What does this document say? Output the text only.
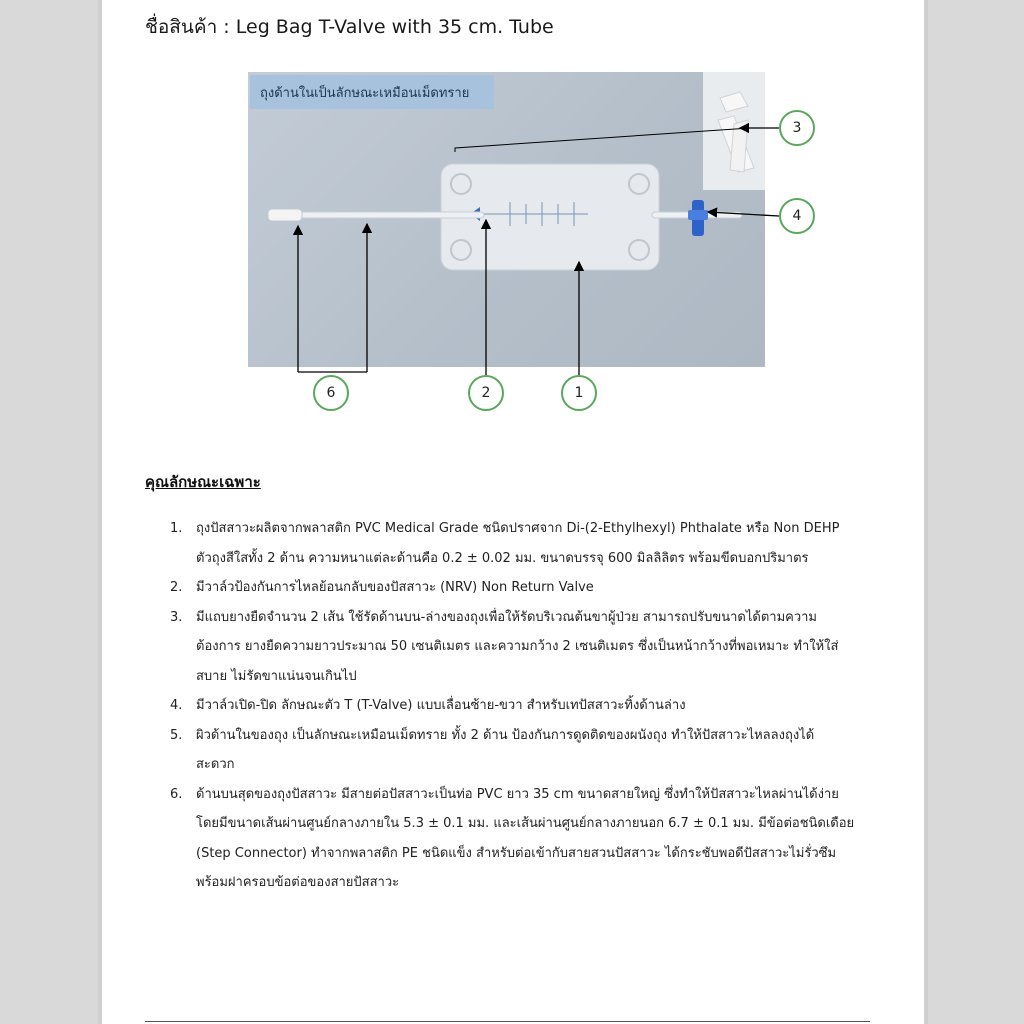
ชื่อสินค้า : Leg Bag T-Valve with 35 cm. Tube
ถุงด้านในเป็นลักษณะเหมือนเม็ดทราย
3
4
6	2	1
คุณลักษณะเฉพาะ
1. ถุงปัสสาวะผลิตจากพลาสติก PVC Medical Grade ชนิดปราศจาก Di-(2-Ethylhexyl) Phthalate หรือ Non DEHP
ตัวถุงสีใสทั้ง 2 ด้าน ความหนาแต่ละด้านคือ 0.2 ± 0.02 มม. ขนาดบรรจุ 600 มิลลิลิตร พร้อมขีดบอกปริมาตร
2. มีวาล์วป้องกันการไหลย้อนกลับของปัสสาวะ (NRV) Non Return Valve
3. มีแถบยางยืดจำนวน 2 เส้น ใช้รัดด้านบน-ล่างของถุงเพื่อให้รัดบริเวณต้นขาผู้ป่วย สามารถปรับขนาดได้ตามความ
ต้องการ ยางยืดความยาวประมาณ 50 เซนติเมตร และความกว้าง 2 เซนติเมตร ซึ่งเป็นหน้ากว้างที่พอเหมาะ ทำให้ใส่
สบาย ไม่รัดขาแน่นจนเกินไป
4. มีวาล์วเปิด-ปิด ลักษณะตัว T (T-Valve) แบบเลื่อนซ้าย-ขวา สำหรับเทปัสสาวะทิ้งด้านล่าง
5. ผิวด้านในของถุง เป็นลักษณะเหมือนเม็ดทราย ทั้ง 2 ด้าน ป้องกันการดูดติดของผนังถุง ทำให้ปัสสาวะไหลลงถุงได้
สะดวก
6. ด้านบนสุดของถุงปัสสาวะ มีสายต่อปัสสาวะเป็นท่อ PVC ยาว 35 cm ขนาดสายใหญ่ ซึ่งทำให้ปัสสาวะไหลผ่านได้ง่าย
โดยมีขนาดเส้นผ่านศูนย์กลางภายใน 5.3 ± 0.1 มม. และเส้นผ่านศูนย์กลางภายนอก 6.7 ± 0.1 มม. มีข้อต่อชนิดเดือย
(Step Connector) ทำจากพลาสติก PE ชนิดแข็ง สำหรับต่อเข้ากับสายสวนปัสสาวะ ได้กระชับพอดีปัสสาวะไม่รั่วซึม
พร้อมฝาครอบข้อต่อของสายปัสสาวะ
